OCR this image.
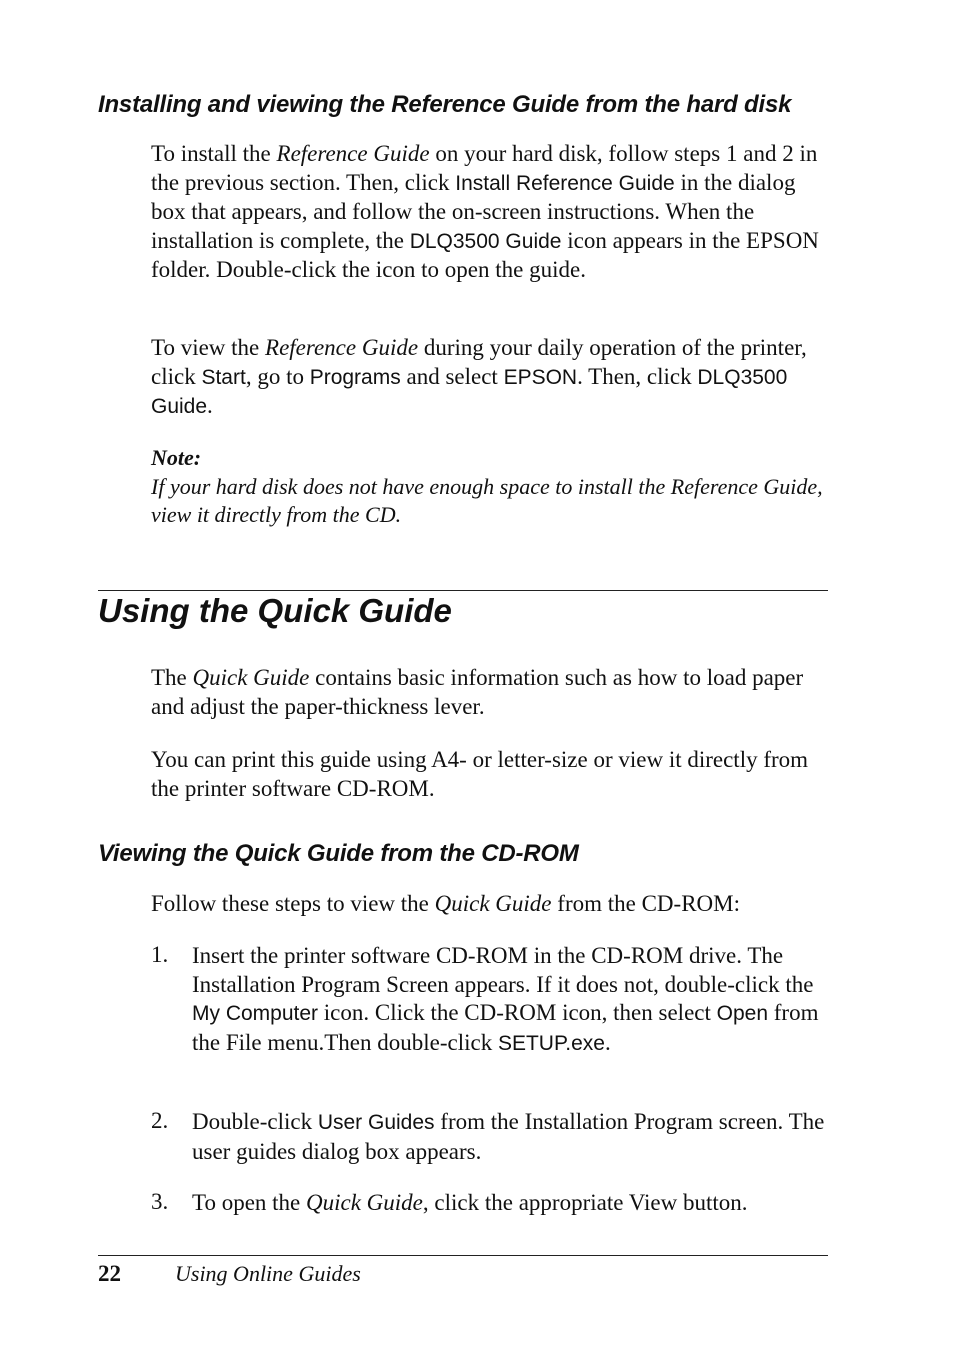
Installing and viewing the Reference Guide from the hard disk

To install the Reference Guide on your hard disk, follow steps 1 and 2 in the previous section. Then, click Install Reference Guide in the dialog box that appears, and follow the on-screen instructions. When the installation is complete, the DLQ3500 Guide icon appears in the EPSON folder. Double-click the icon to open the guide.

To view the Reference Guide during your daily operation of the printer, click Start, go to Programs and select EPSON. Then, click DLQ3500 Guide.

Note:
If your hard disk does not have enough space to install the Reference Guide, view it directly from the CD.
Using the Quick Guide

The Quick Guide contains basic information such as how to load paper and adjust the paper-thickness lever.

You can print this guide using A4- or letter-size or view it directly from the printer software CD-ROM.

Viewing the Quick Guide from the CD-ROM

Follow these steps to view the Quick Guide from the CD-ROM:

1. Insert the printer software CD-ROM in the CD-ROM drive. The Installation Program Screen appears. If it does not, double-click the My Computer icon. Click the CD-ROM icon, then select Open from the File menu.Then double-click SETUP.exe.

2. Double-click User Guides from the Installation Program screen. The user guides dialog box appears.

3. To open the Quick Guide, click the appropriate View button.

22 Using Online Guides
